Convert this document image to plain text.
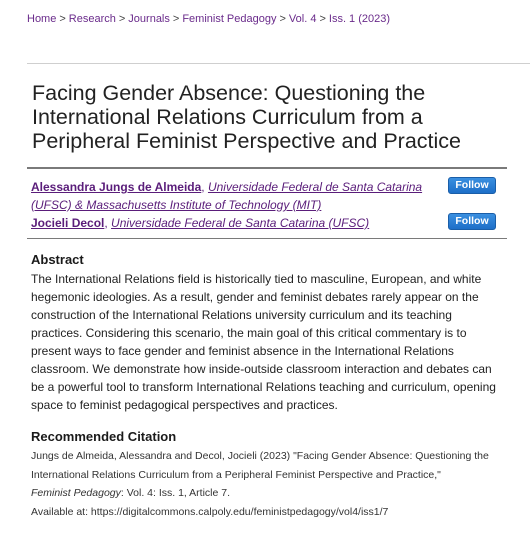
Home > Research > Journals > Feminist Pedagogy > Vol. 4 > Iss. 1 (2023)
Facing Gender Absence: Questioning the International Relations Curriculum from a Peripheral Feminist Perspective and Practice
Alessandra Jungs de Almeida, Universidade Federal de Santa Catarina (UFSC) & Massachusetts Institute of Technology (MIT)
Follow
Jocieli Decol, Universidade Federal de Santa Catarina (UFSC)	Follow
Abstract

The International Relations field is historically tied to masculine, European, and white hegemonic ideologies. As a result, gender and feminist debates rarely appear on the construction of the International Relations university curriculum and its teaching practices. Considering this scenario, the main goal of this critical commentary is to present ways to face gender and feminist absence in the International Relations classroom. We demonstrate how inside-outside classroom interaction and debates can be a powerful tool to transform International Relations teaching and curriculum, opening space to feminist pedagogical perspectives and practices.

Recommended Citation

Jungs de Almeida, Alessandra and Decol, Jocieli (2023) "Facing Gender Absence: Questioning the International Relations Curriculum from a Peripheral Feminist Perspective and Practice,"
Feminist Pedagogy: Vol. 4: Iss. 1, Article 7.
Available at: https://digitalcommons.calpoly.edu/feministpedagogy/vol4/iss1/7
